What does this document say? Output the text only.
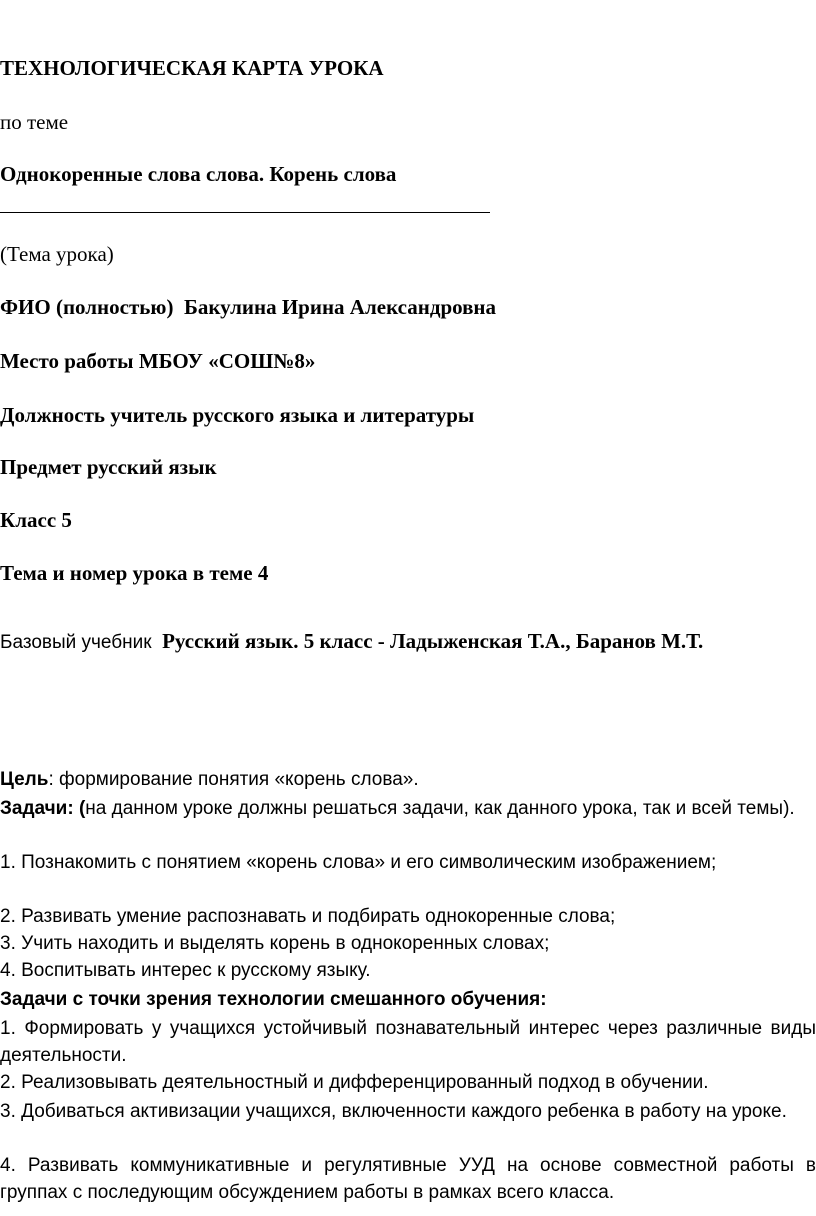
ТЕХНОЛОГИЧЕСКАЯ КАРТА УРОКА

по теме

Однокоренные слова слова. Корень слова

(Тема урока)

ФИО (полностью) Бакулина Ирина Александровна

Место работы МБОУ «СОШ№8»

Должность учитель русского языка и литературы

Предмет русский язык

Класс 5

Тема и номер урока в теме 4

Базовый учебник Русский язык. 5 класс - Ладыженская Т.А., Баранов М.Т.

Цель: формирование понятия «корень слова».

Задачи: (на данном уроке должны решаться задачи, как данного урока, так и всей темы).

1. Познакомить с понятием «корень слова» и его символическим изображением;

2. Развивать умение распознавать и подбирать однокоренные слова;

3. Учить находить и выделять корень в однокоренных словах;

4. Воспитывать интерес к русскому языку.

Задачи с точки зрения технологии смешанного обучения:

1. Формировать у учащихся устойчивый познавательный интерес через различные виды деятельности.

2. Реализовывать деятельностный и дифференцированный подход в обучении.

3. Добиваться активизации учащихся, включенности каждого ребенка в работу на уроке.

4. Развивать коммуникативные и регулятивные УУД на основе совместной работы в группах с последующим обсуждением работы в рамках всего класса.
